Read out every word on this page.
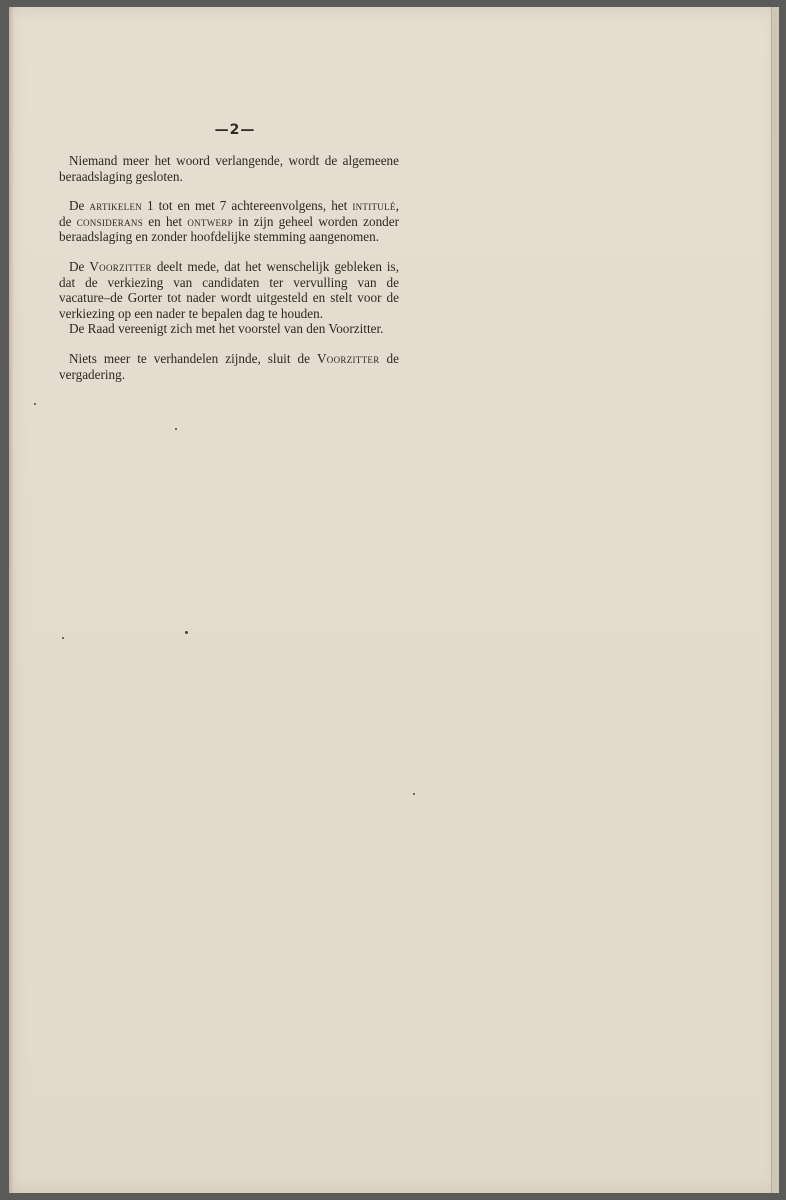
—2—

Niemand meer het woord verlangende, wordt de algemeene beraadslaging gesloten.

De artikelen 1 tot en met 7 achtereenvolgens, het intitulé, de considerans en het ontwerp in zijn geheel worden zonder beraadslaging en zonder hoofdelijke stemming aangenomen.

De Voorzitter deelt mede, dat het wenschelijk gebleken is, dat de verkiezing van candidaten ter vervulling van de vacature–de Gorter tot nader wordt uitgesteld en stelt voor de verkiezing op een nader te bepalen dag te houden.

De Raad vereenigt zich met het voorstel van den Voorzitter.

Niets meer te verhandelen zijnde, sluit de Voorzitter de vergadering.
